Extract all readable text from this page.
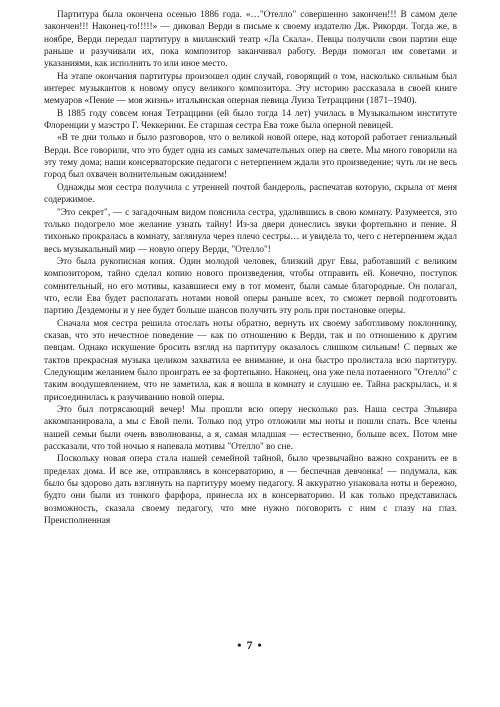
Партитура была окончена осенью 1886 года. «…"Отелло" совершенно закончен!!! В самом деле закончен!!! Наконец-то!!!!!» — диковал Верди в письме к своему издателю Дж. Рикорди. Тогда же, в ноябре, Верди передал партитуру в миланский театр «Ла Скала». Певцы получили свои партии еще раньше и разучивали их, пока композитор заканчивал работу. Верди помогал им советами и указаниями, как исполнять то или иное место.

На этапе окончания партитуры произошел один случай, говорящий о том, насколько сильным был интерес музыкантов к новому опусу великого композитора. Эту историю рассказала в своей книге мемуаров «Пение — моя жизнь» итальянская оперная певица Луиза Тетраццини (1871–1940).

В 1885 году совсем юная Тетраццини (ей было тогда 14 лет) училась в Музыкальном институте Флоренции у маэстро Г. Чеккерини. Ее старшая сестра Ева тоже была оперной певицей.

«В те дни только и было разговоров, что о великой новой опере, над которой работает гениальный Верди. Все говорили, что это будет одна из самых замечательных опер на свете. Мы много говорили на эту тему дома; наши консерваторские педагоги с нетерпением ждали это произведение; чуть ли не весь город был охвачен волнительным ожиданием!

Однажды моя сестра получила с утренней почтой бандероль, распечатав которую, скрыла от меня содержимое.

"Это секрет", — с загадочным видом пояснила сестра, удалившись в свою комнату. Разумеется, это только подогрело мое желание узнать тайну! Из-за двери донеслись звуки фортепьяно и пение. Я тихонько прокралась в комнату, заглянула через плечо сестры… и увидела то, чего с нетерпением ждал весь музыкальный мир — новую оперу Верди, "Отелло"!

Это была рукописная копия. Один молодой человек, близкий друг Евы, работавший с великим композитором, тайно сделал копию нового произведения, чтобы отправить ей. Конечно, поступок сомнительный, но его мотивы, казавшиеся ему в тот момент, были самые благородные. Он полагал, что, если Ева будет располагать нотами новой оперы раньше всех, то сможет первой подготовить партию Дездемоны и у нее будет больше шансов получить эту роль при постановке оперы.

Сначала моя сестра решила отослать ноты обратно, вернуть их своему заботливому поклоннику, сказав, что это нечестное поведение — как по отношению к Верди, так и по отношению к другим певцам. Однако искушение бросить взгляд на партитуру оказалось слишком сильным! С первых же тактов прекрасная музыка целиком захватила ее внимание, и она быстро пролистала всю партитуру. Следующим желанием было проиграть ее за фортепьяно. Наконец, она уже пела потаенного "Отелло" с таким воодушевлением, что не заметила, как я вошла в комнату и слушаю ее. Тайна раскрылась, и я присоединилась к разучиванию новой оперы.

Это был потрясающий вечер! Мы прошли всю оперу несколько раз. Наша сестра Эльвира аккомпанировала, а мы с Евой пели. Только под утро отложили мы ноты и пошли спать. Все члены нашей семьи были очень взволнованы, а я, самая младшая — естественно, больше всех. Потом мне рассказали, что той ночью я напевала мотивы "Отелло" во сне.

Поскольку новая опера стала нашей семейной тайной, было чрезвычайно важно сохранить ее в пределах дома. И все же, отправляясь в консерваторию, я — беспечная девчонка! — подумала, как было бы здорово дать взглянуть на партитуру моему педагогу. Я аккуратно упаковала ноты и бережно, будто они были из тонкого фарфора, принесла их в консерваторию. И как только представилась возможность, сказала своему педагогу, что мне нужно поговорить с ним с глазу на глаз. Преисполненная

• 7 •
